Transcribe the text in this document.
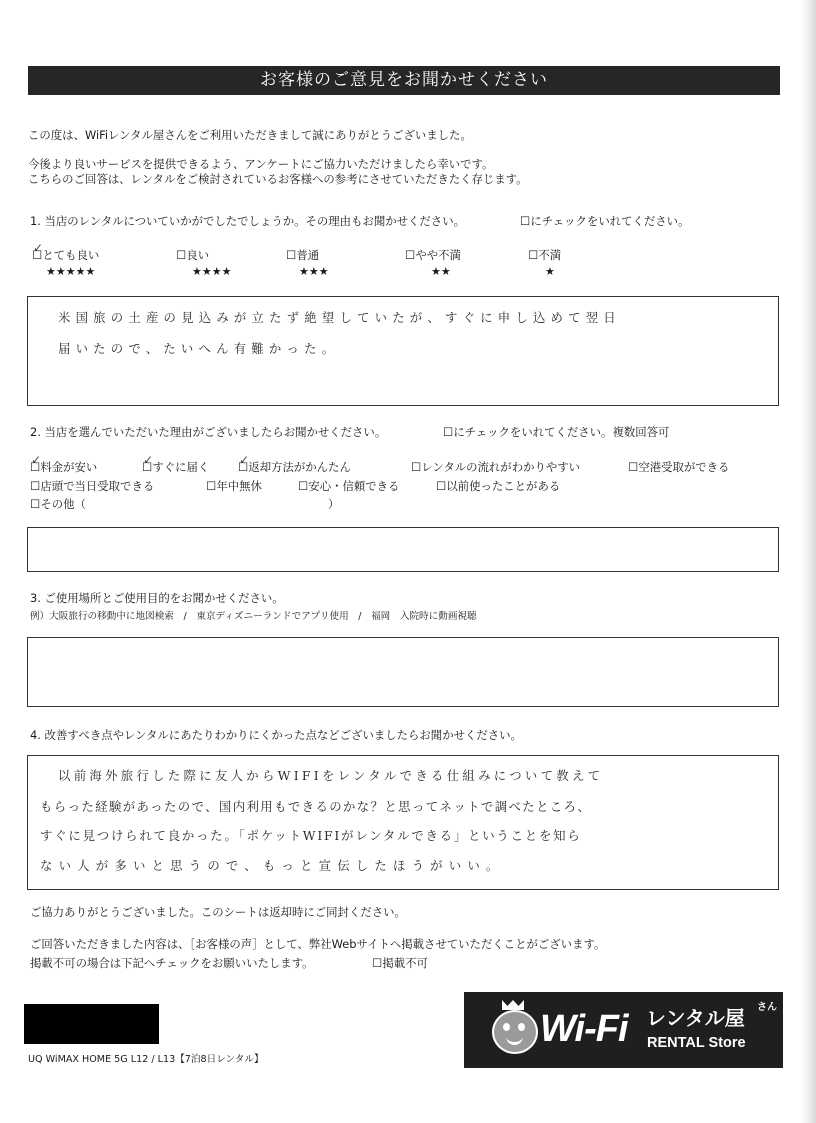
お客様のご意見をお聞かせください
この度は、WiFiレンタル屋さんをご利用いただきまして誠にありがとうございました。
今後より良いサービスを提供できるよう、アンケートにご協力いただけましたら幸いです。
こちらのご回答は、レンタルをご検討されているお客様への参考にさせていただきたく存じます。
1. 当店のレンタルについていかがでしたでしょうか。その理由もお聞かせください。 ☐	にチェックをいれてください。
☐ ✓とても良い
★★★★★
☐良い
★★★★
☐普通
★★★
☐やや不満
★★
☐不満
★
米国旅の土産の見込みが立たず絶望していたが、すぐに申し込めて翌日
届いたので、たいへん有難かった。
2. 当店を選んでいただいた理由がございましたらお聞かせください。 ☐	にチェックをいれてください。複数回答可
☐ ✓料金が安い ☐ ✓	すぐに届く ☐ ✓	返却方法がかんたん ☐	レンタルの流れがわかりやすい ☐	空港受取ができる
☐店頭で当日受取できる ☐	年中無休 ☐	安心・信頼できる ☐	以前使ったことがある
☐その他（	）
3. ご使用場所とご使用目的をお聞かせください。
例）大阪旅行の移動中に地図検索　/　東京ディズニーランドでアプリ使用　/　福岡　入院時に動画視聴
4. 改善すべき点やレンタルにあたりわかりにくかった点などございましたらお聞かせください。
以前海外旅行した際に友人からWIFIをレンタルできる仕組みについて教えて
もらった経験があったので、国内利用もできるのかな？と思ってネットで調べたところ、
すぐに見つけられて良かった。「ポケットWIFIがレンタルできる」ということを知ら
ない人が多いと思うので、もっと宣伝したほうがいい。
ご協力ありがとうございました。このシートは返却時にご同封ください。
ご回答いただきました内容は、［お客様の声］として、弊社Webサイトへ掲載させていただくことがございます。
掲載不可の場合は下記へチェックをお願いいたします。 ☐	掲載不可
UQ WiMAX HOME 5G L12 / L13【7泊8日レンタル】
Wi-Fi レンタル屋 さん
RENTAL Store
